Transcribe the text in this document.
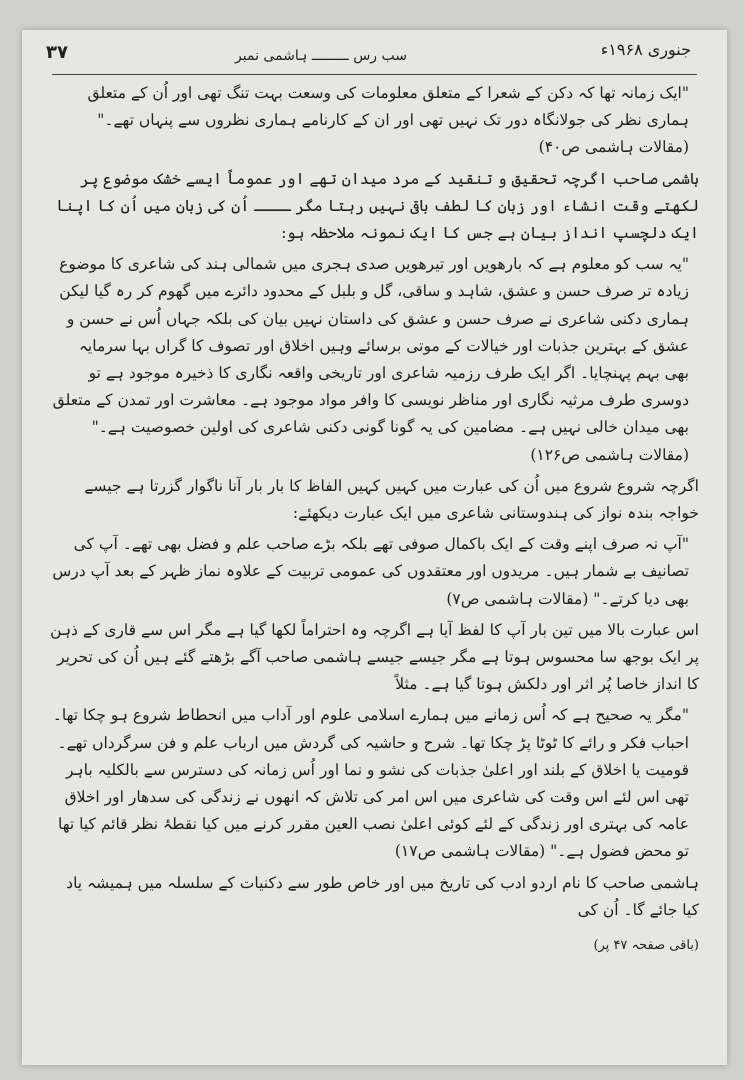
جنوری ۱۹۶۸ء
سب رس ـــــــــ ہاشمی نمبر
۳۷

"ایک زمانہ تھا کہ دکن کے شعرا کے متعلق معلومات کی وسعت بہت تنگ تھی اور اُن کے متعلق ہماری نظر کی جولانگاہ دور تک نہیں تھی اور ان کے کارنامے ہماری نظروں سے پنہاں تھے۔" (مقالات ہاشمی ص۴۰)

ہاشمی صاحب اگرچہ تحقیق و تنقید کے مرد میدان تھے اور عموماً ایسے خشک موضوع پر لکھتے وقت انشاء اور زبان کا لطف باقی نہیں رہتا مگر ــــ اُن کی زبان میں اُن کا اپنا ایک دلچسپ انداز بیان ہے جس کا ایک نمونہ ملاحظہ ہو:

"یہ سب کو معلوم ہے کہ بارھویں اور تیرھویں صدی ہجری میں شمالی ہند کی شاعری کا موضوع زیادہ تر صرف حسن و عشق، شاہد و ساقی، گل و بلبل کے محدود دائرے میں گھوم کر رہ گیا لیکن ہماری دکنی شاعری نے صرف حسن و عشق کی داستان نہیں بیان کی بلکہ جہاں اُس نے حسن و عشق کے بہترین جذبات اور خیالات کے موتی برسائے وہیں اخلاق اور تصوف کا گراں بہا سرمایہ بھی بہم پہنچایا۔ اگر ایک طرف رزمیہ شاعری اور تاریخی واقعہ نگاری کا ذخیرہ موجود ہے تو دوسری طرف مرثیہ نگاری اور مناظر نویسی کا وافر مواد موجود ہے۔ معاشرت اور تمدن کے متعلق بھی میدان خالی نہیں ہے۔ مضامین کی یہ گونا گونی دکنی شاعری کی اولین خصوصیت ہے۔" (مقالات ہاشمی ص۱۲۶)

اگرچہ شروع شروع میں اُن کی عبارت میں کہیں کہیں الفاظ کا بار بار آنا ناگوار گزرتا ہے جیسے خواجہ بندہ نواز کی ہندوستانی شاعری میں ایک عبارت دیکھئے:

"آپ نہ صرف اپنے وقت کے ایک باکمال صوفی تھے بلکہ بڑے صاحب علم و فضل بھی تھے۔ آپ کی تصانیف بے شمار ہیں۔ مریدوں اور معتقدوں کی عمومی تربیت کے علاوہ نماز ظہر کے بعد آپ درس بھی دیا کرتے۔" (مقالات ہاشمی ص۷)

اس عبارت بالا میں تین بار آپ کا لفظ آیا ہے اگرچہ وہ احتراماً لکھا گیا ہے مگر اس سے قاری کے ذہن پر ایک بوجھ سا محسوس ہوتا ہے مگر جیسے جیسے ہاشمی صاحب آگے بڑھتے گئے ہیں اُن کی تحریر کا انداز خاصا پُر اثر اور دلکش ہوتا گیا ہے۔ مثلاً

"مگر یہ صحیح ہے کہ اُس زمانے میں ہمارے اسلامی علوم اور آداب میں انحطاط شروع ہو چکا تھا۔ احباب فکر و رائے کا ٹوٹا پڑ چکا تھا۔ شرح و حاشیہ کی گردش میں ارباب علم و فن سرگرداں تھے۔ قومیت یا اخلاق کے بلند اور اعلیٰ جذبات کی نشو و نما اور اُس زمانہ کی دسترس سے بالکلیہ باہر تھی اس لئے اس وقت کی شاعری میں اس امر کی تلاش کہ انھوں نے زندگی کی سدھار اور اخلاق عامہ کی بہتری اور زندگی کے لئے کوئی اعلیٰ نصب العین مقرر کرنے میں کیا نقطۂ نظر قائم کیا تھا تو محض فضول ہے۔" (مقالات ہاشمی ص۱۷)

ہاشمی صاحب کا نام اردو ادب کی تاریخ میں اور خاص طور سے دکنیات کے سلسلہ میں ہمیشہ یاد کیا جائے گا۔ اُن کی

(باقی صفحہ ۴۷ پر)
